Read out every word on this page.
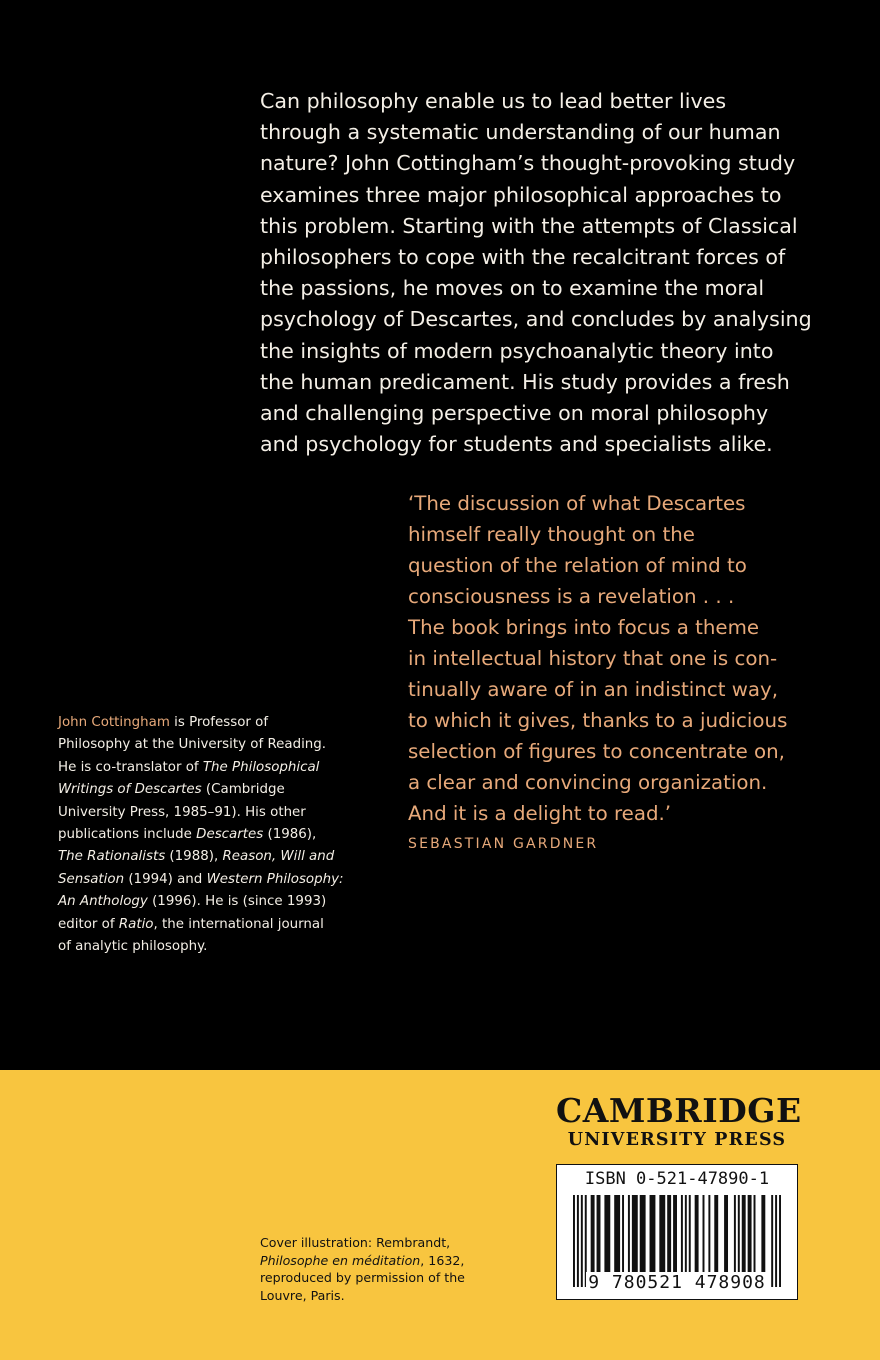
Can philosophy enable us to lead better lives
through a systematic understanding of our human
nature? John Cottingham’s thought-provoking study
examines three major philosophical approaches to
this problem. Starting with the attempts of Classical
philosophers to cope with the recalcitrant forces of
the passions, he moves on to examine the moral
psychology of Descartes, and concludes by analysing
the insights of modern psychoanalytic theory into
the human predicament. His study provides a fresh
and challenging perspective on moral philosophy
and psychology for students and specialists alike.
‘The discussion of what Descartes
himself really thought on the
question of the relation of mind to
consciousness is a revelation . . .
The book brings into focus a theme
in intellectual history that one is con-
tinually aware of in an indistinct way,
to which it gives, thanks to a judicious
selection of figures to concentrate on,
a clear and convincing organization.
And it is a delight to read.’
SEBASTIAN GARDNER
John Cottingham is Professor of
Philosophy at the University of Reading.
He is co-translator of The Philosophical
Writings of Descartes (Cambridge
University Press, 1985–91). His other
publications include Descartes (1986),
The Rationalists (1988), Reason, Will and
Sensation (1994) and Western Philosophy:
An Anthology (1996). He is (since 1993)
editor of Ratio, the international journal
of analytic philosophy.
Cover illustration: Rembrandt,
Philosophe en méditation, 1632,
reproduced by permission of the
Louvre, Paris.
CAMBRIDGE
UNIVERSITY PRESS
ISBN 0-521-47890-1
9 780521 478908
